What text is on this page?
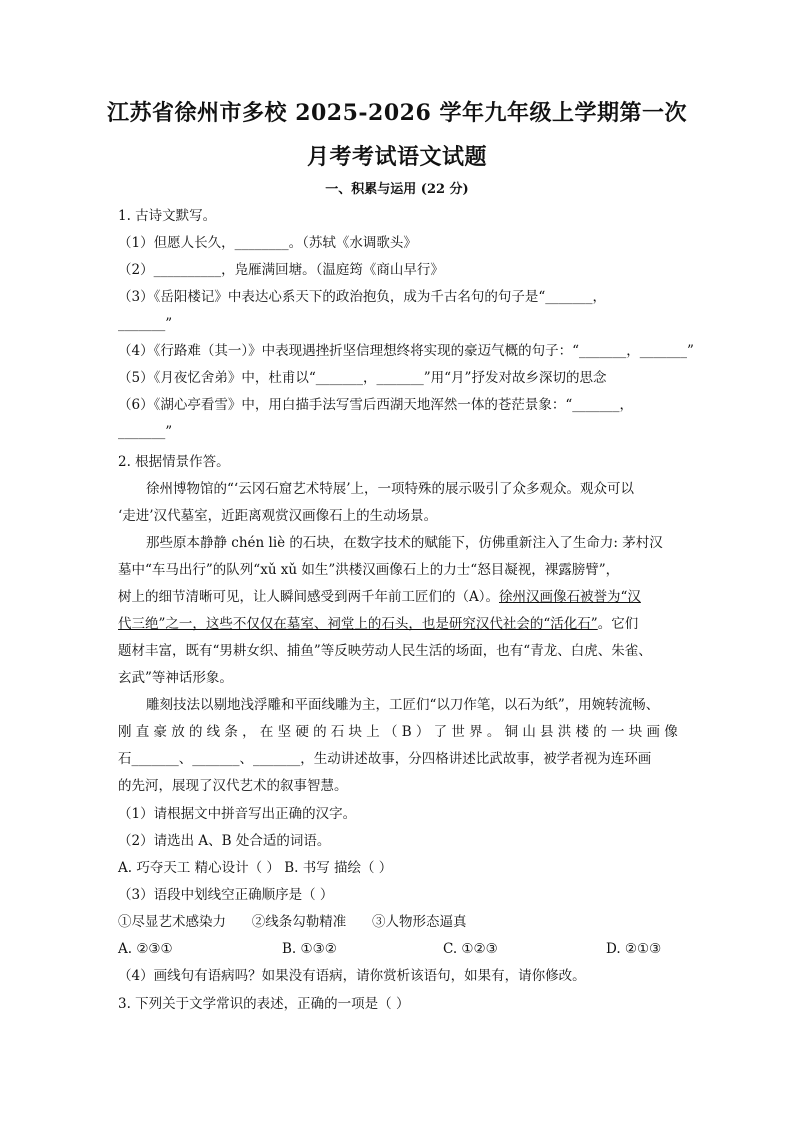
江苏省徐州市多校 2025-2026 学年九年级上学期第一次
月考考试语文试题
一、积累与运用 (22 分)
1. 古诗文默写。
（1）但愿人长久，________。（苏轼《水调歌头》
（2）__________，凫雁满回塘。（温庭筠《商山早行》
（3）《岳阳楼记》中表达心系天下的政治抱负，成为千古名句的句子是“_______，
_______”
（4）《行路难（其一）》中表现遇挫折坚信理想终将实现的豪迈气概的句子：“_______，_______”
（5）《月夜忆舍弟》中，杜甫以“_______，_______”用“月”抒发对故乡深切的思念
（6）《湖心亭看雪》中，用白描手法写雪后西湖天地浑然一体的苍茫景象：“_______，
_______”
2. 根据情景作答。
徐州博物馆的“‘云冈石窟艺术特展’上，一项特殊的展示吸引了众多观众。观众可以
‘走进’汉代墓室，近距离观赏汉画像石上的生动场景。
那些原本静静 chén liè 的石块，在数字技术的赋能下，仿佛重新注入了生命力: 茅村汉
墓中“车马出行”的队列“xǔ xǔ 如生”洪楼汉画像石上的力士“怒目凝视，裸露膀臂”，
树上的细节清晰可见，让人瞬间感受到两千年前工匠们的（A）。徐州汉画像石被誉为“汉
代三绝”之一，这些不仅仅在墓室、祠堂上的石头，也是研究汉代社会的“活化石”。它们
题材丰富，既有“男耕女织、捕鱼”等反映劳动人民生活的场面，也有“青龙、白虎、朱雀、
玄武”等神话形象。
雕刻技法以剔地浅浮雕和平面线雕为主，工匠们“以刀作笔，以石为纸”，用婉转流畅、
刚 直 豪 放 的 线 条 ， 在 坚 硬 的 石 块 上 （ B ） 了 世 界 。 铜 山 县 洪 楼 的 一 块 画 像
石_______、_______、_______，生动讲述故事，分四格讲述比武故事，被学者视为连环画
的先河，展现了汉代艺术的叙事智慧。
（1）请根据文中拼音写出正确的汉字。
（2）请选出 A、B 处合适的词语。
A. 巧夺天工 精心设计（ ） B. 书写 描绘（ ）
（3）语段中划线空正确顺序是（ ）
①尽显艺术感染力      ②线条勾勒精准      ③人物形态逼真
A. ②③①	B. ①③②	C. ①②③	D. ②①③
（4）画线句有语病吗？如果没有语病，请你赏析该语句，如果有，请你修改。
3. 下列关于文学常识的表述，正确的一项是（ ）
